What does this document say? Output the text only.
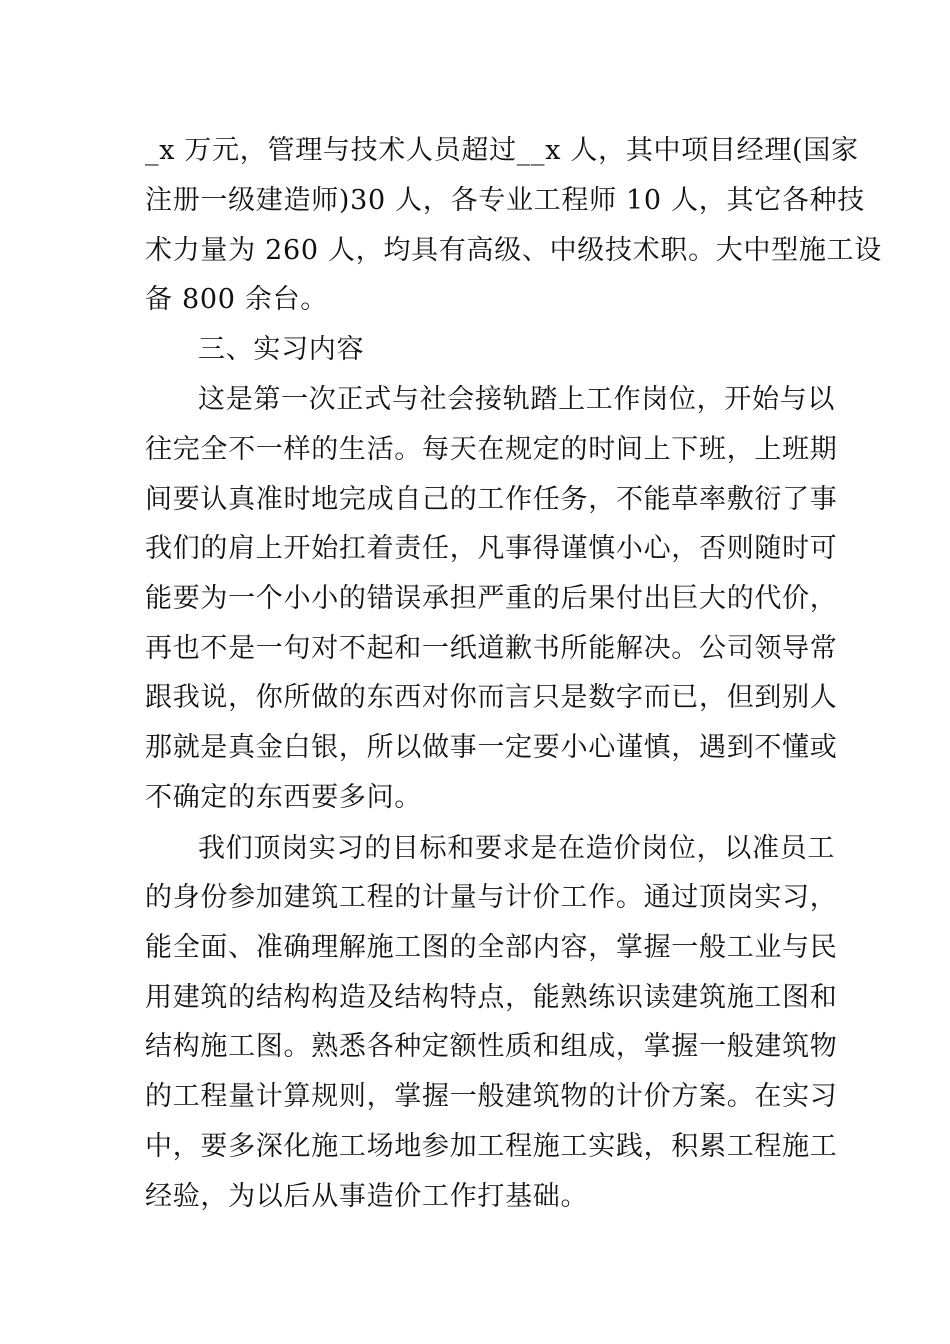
_x 万元，管理与技术人员超过__x 人，其中项目经理(国家
注册一级建造师)30 人，各专业工程师 10 人，其它各种技
术力量为 260 人，均具有高级、中级技术职。大中型施工设
备 800 余台。
三、实习内容
这是第一次正式与社会接轨踏上工作岗位，开始与以
往完全不一样的生活。每天在规定的时间上下班，上班期
间要认真准时地完成自己的工作任务，不能草率敷衍了事
我们的肩上开始扛着责任，凡事得谨慎小心，否则随时可
能要为一个小小的错误承担严重的后果付出巨大的代价，
再也不是一句对不起和一纸道歉书所能解决。公司领导常
跟我说，你所做的东西对你而言只是数字而已，但到别人
那就是真金白银，所以做事一定要小心谨慎，遇到不懂或
不确定的东西要多问。
我们顶岗实习的目标和要求是在造价岗位，以准员工
的身份参加建筑工程的计量与计价工作。通过顶岗实习，
能全面、准确理解施工图的全部内容，掌握一般工业与民
用建筑的结构构造及结构特点，能熟练识读建筑施工图和
结构施工图。熟悉各种定额性质和组成，掌握一般建筑物
的工程量计算规则，掌握一般建筑物的计价方案。在实习
中，要多深化施工场地参加工程施工实践，积累工程施工
经验，为以后从事造价工作打基础。
